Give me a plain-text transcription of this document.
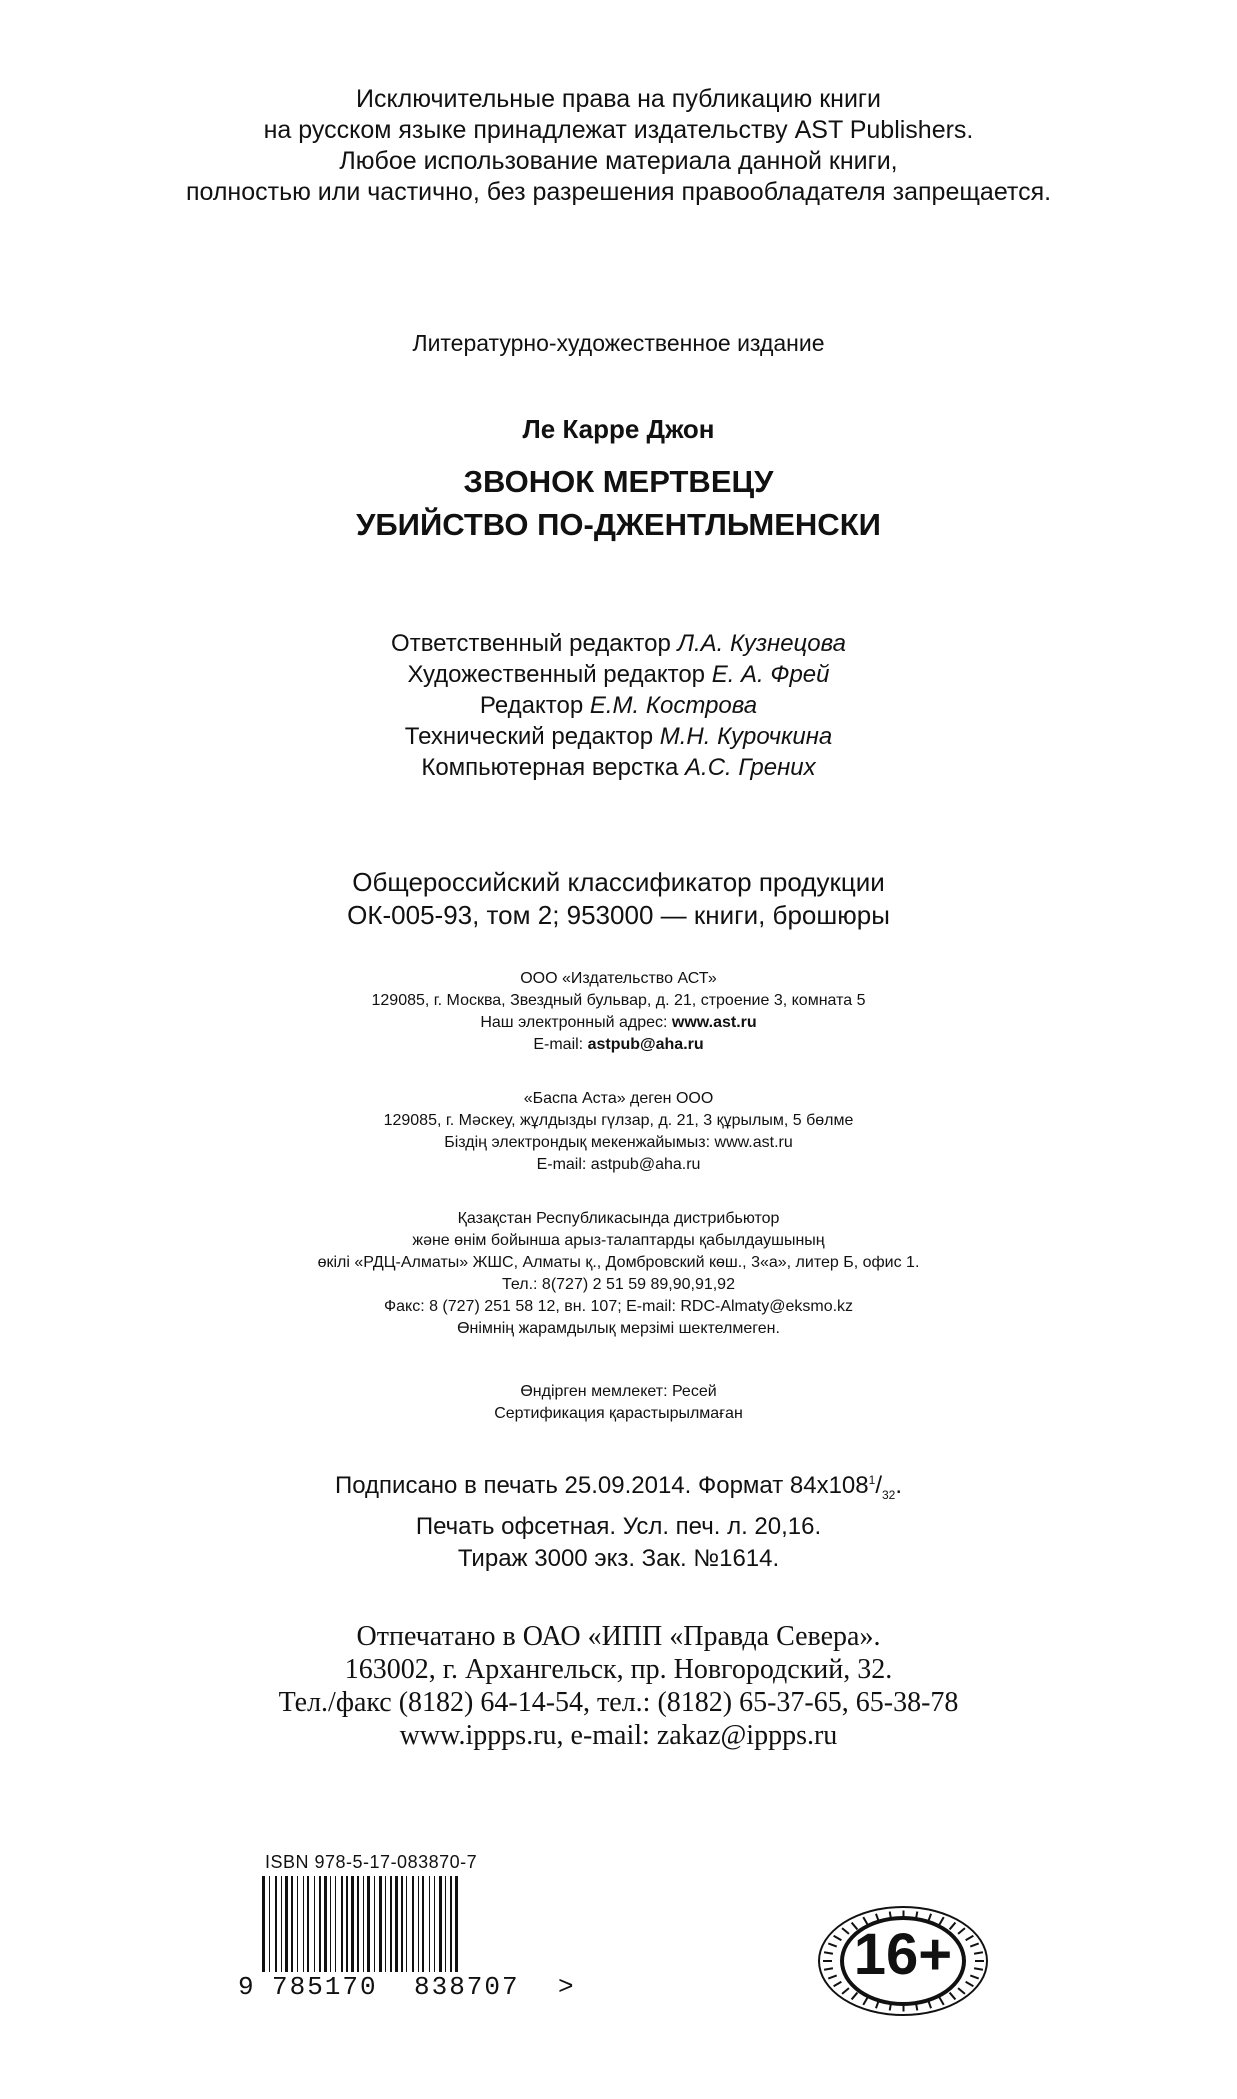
Исключительные права на публикацию книги
на русском языке принадлежат издательству AST Publishers.
Любое использование материала данной книги,
полностью или частично, без разрешения правообладателя запрещается.
Литературно-художественное издание
Ле Карре Джон
ЗВОНОК МЕРТВЕЦУ
УБИЙСТВО ПО-ДЖЕНТЛЬМЕНСКИ
Ответственный редактор Л.А. Кузнецова
Художественный редактор Е. А. Фрей
Редактор Е.М. Кострова
Технический редактор М.Н. Курочкина
Компьютерная верстка А.С. Грених
Общероссийский классификатор продукции
ОК-005-93, том 2; 953000 — книги, брошюры
ООО «Издательство АСТ»
129085, г. Москва, Звездный бульвар, д. 21, строение 3, комната 5
Наш электронный адрес: www.ast.ru
E-mail: astpub@aha.ru
«Баспа Аста» деген ООО
129085, г. Мәскеу, жұлдызды гүлзар, д. 21, 3 құрылым, 5 бөлме
Біздің электрондық мекенжайымыз: www.ast.ru
E-mail: astpub@aha.ru
Қазақстан Республикасында дистрибьютор
және өнім бойынша арыз-талаптарды қабылдаушының
өкілі «РДЦ-Алматы» ЖШС, Алматы қ., Домбровский көш., 3«а», литер Б, офис 1.
Тел.: 8(727) 2 51 59 89,90,91,92
Факс: 8 (727) 251 58 12, вн. 107; E-mail: RDC-Almaty@eksmo.kz
Өнімнің жарамдылық мерзімі шектелмеген.
Өндірген мемлекет: Ресей
Сертификация қарастырылмаған
Подписано в печать 25.09.2014. Формат $84x108^1/_{32}$.
Печать офсетная. Усл. печ. л. 20,16.
Тираж 3000 экз. Зак. №1614.
Отпечатано в ОАО «ИПП «Правда Севера».
163002, г. Архангельск, пр. Новгородский, 32.
Тел./факс (8182) 64-14-54, тел.: (8182) 65-37-65, 65-38-78
www.ippps.ru, e-mail: zakaz@ippps.ru
ISBN 978-5-17-083870-7
9 785170 838707 >	16+
